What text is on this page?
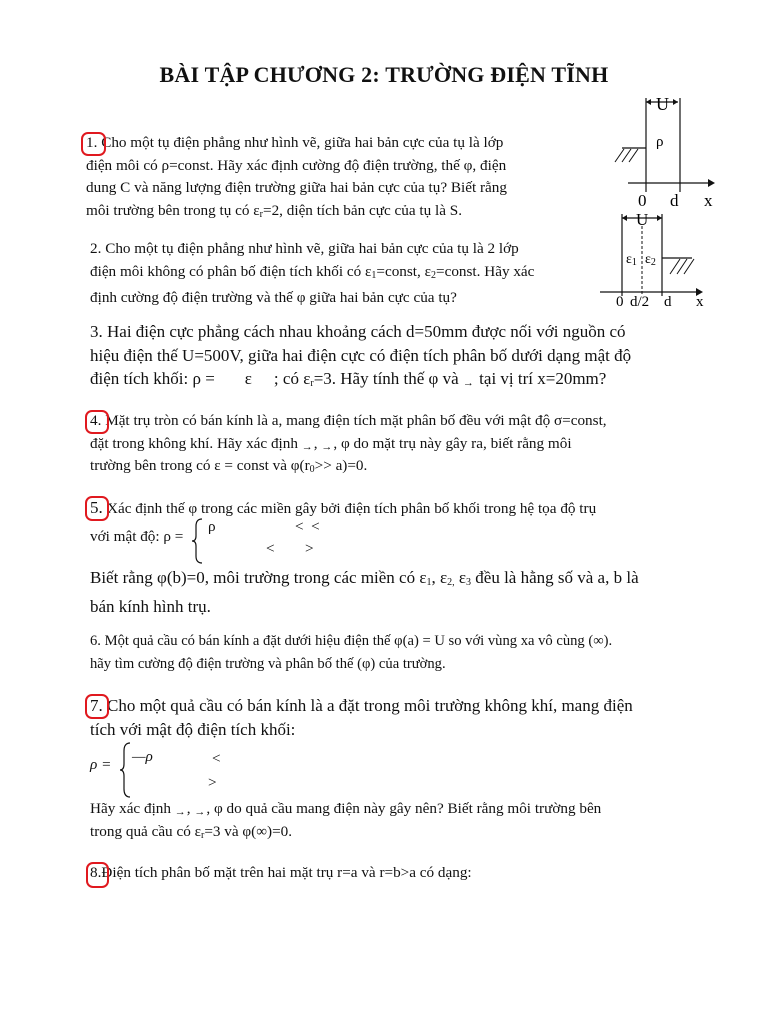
BÀI TẬP CHƯƠNG 2: TRƯỜNG ĐIỆN TĨNH
U
ρ
0 d x
U
ε1 ε2
0 d/2 d x
1. Cho một tụ điện phẳng như hình vẽ, giữa hai bản cực của tụ là lớp
điện môi có ρ=const. Hãy xác định cường độ điện trường, thế φ, điện
dung C và năng lượng điện trường giữa hai bản cực của tụ? Biết rằng
môi trường bên trong tụ có $\varepsilon_r=2$, diện tích bản cực của tụ là S.
2. Cho một tụ điện phẳng như hình vẽ, giữa hai bản cực của tụ là 2 lớp
điện môi không có phân bố điện tích khối có $\varepsilon_1=const$, $\varepsilon_2=const$. Hãy xác
định cường độ điện trường và thế φ giữa hai bản cực của tụ?
3. Hai điện cực phẳng cách nhau khoảng cách d=50mm được nối với nguồn có
hiệu điện thế U=500V, giữa hai điện cực có điện tích phân bố dưới dạng mật độ
điện tích khối: ρ = ε ; có $\varepsilon_r=3$. Hãy tính thế φ và tại vị trí x=20mm?
4. Mặt trụ tròn có bán kính là a, mang điện tích mặt phân bố đều với mật độ σ=const,
đặt trong không khí. Hãy xác định , , φ do mặt trụ này gây ra, biết rằng môi
trường bên trong có ε = const và $\varphi(r_0>> a)=0$.
5. Xác định thế φ trong các miền gây bởi điện tích phân bố khối trong hệ tọa độ trụ
với mật độ: ρ =
ρ	<  <
<        >
Biết rằng φ(b)=0, môi trường trong các miền có $\varepsilon_1$, $\varepsilon_{2,}$ $\varepsilon_3$ đều là hằng số và a, b là
bán kính hình trụ.
6. Một quả cầu có bán kính a đặt dưới hiệu điện thế φ(a) = U so với vùng xa vô cùng (∞).
hãy tìm cường độ điện trường và phân bố thế (φ) của trường.
7. Cho một quả cầu có bán kính là a đặt trong môi trường không khí, mang điện
tích với mật độ điện tích khối:
ρ = —ρ	<
>
Hãy xác định , , φ do quả cầu mang điện này gây nên? Biết rằng môi trường bên
trong quả cầu có $\varepsilon_r=3$ và φ(∞)=0.
8.Điện tích phân bố mặt trên hai mặt trụ r=a và r=b>a có dạng:
